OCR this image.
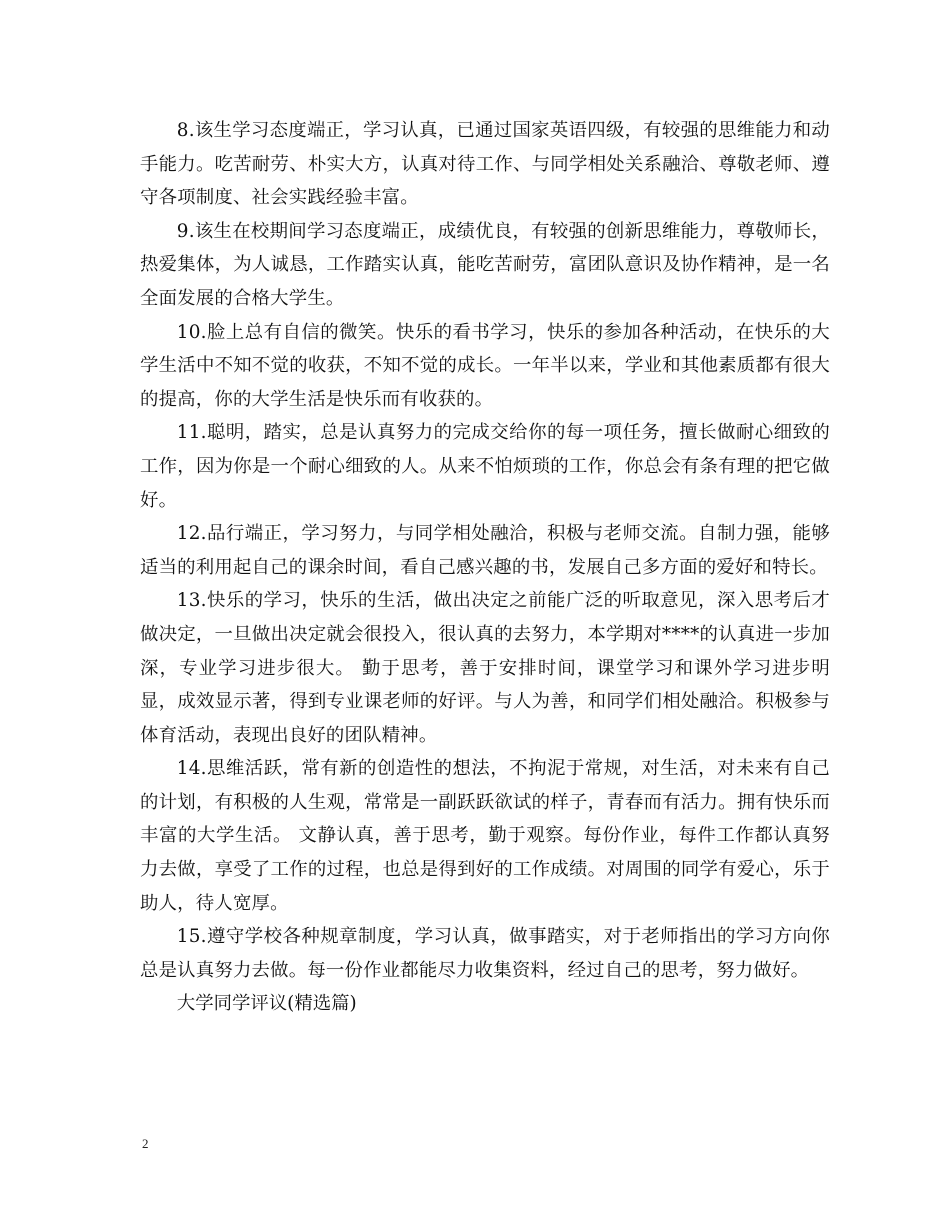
8.该生学习态度端正，学习认真，已通过国家英语四级，有较强的思维能力和动手能力。吃苦耐劳、朴实大方，认真对待工作、与同学相处关系融洽、尊敬老师、遵守各项制度、社会实践经验丰富。

9.该生在校期间学习态度端正，成绩优良，有较强的创新思维能力，尊敬师长，热爱集体，为人诚恳，工作踏实认真，能吃苦耐劳，富团队意识及协作精神，是一名全面发展的合格大学生。

10.脸上总有自信的微笑。快乐的看书学习，快乐的参加各种活动，在快乐的大学生活中不知不觉的收获，不知不觉的成长。一年半以来，学业和其他素质都有很大的提高，你的大学生活是快乐而有收获的。

11.聪明，踏实，总是认真努力的完成交给你的每一项任务，擅长做耐心细致的工作，因为你是一个耐心细致的人。从来不怕烦琐的工作，你总会有条有理的把它做好。

12.品行端正，学习努力，与同学相处融洽，积极与老师交流。自制力强，能够适当的利用起自己的课余时间，看自己感兴趣的书，发展自己多方面的爱好和特长。

13.快乐的学习，快乐的生活，做出决定之前能广泛的听取意见，深入思考后才做决定，一旦做出决定就会很投入，很认真的去努力，本学期对****的认真进一步加深，专业学习进步很大。 勤于思考，善于安排时间，课堂学习和课外学习进步明显，成效显示著，得到专业课老师的好评。与人为善，和同学们相处融洽。积极参与体育活动，表现出良好的团队精神。

14.思维活跃，常有新的创造性的想法，不拘泥于常规，对生活，对未来有自己的计划，有积极的人生观，常常是一副跃跃欲试的样子，青春而有活力。拥有快乐而丰富的大学生活。 文静认真，善于思考，勤于观察。每份作业，每件工作都认真努力去做，享受了工作的过程，也总是得到好的工作成绩。对周围的同学有爱心，乐于助人，待人宽厚。

15.遵守学校各种规章制度，学习认真，做事踏实，对于老师指出的学习方向你总是认真努力去做。每一份作业都能尽力收集资料，经过自己的思考，努力做好。

大学同学评议(精选篇)

2
